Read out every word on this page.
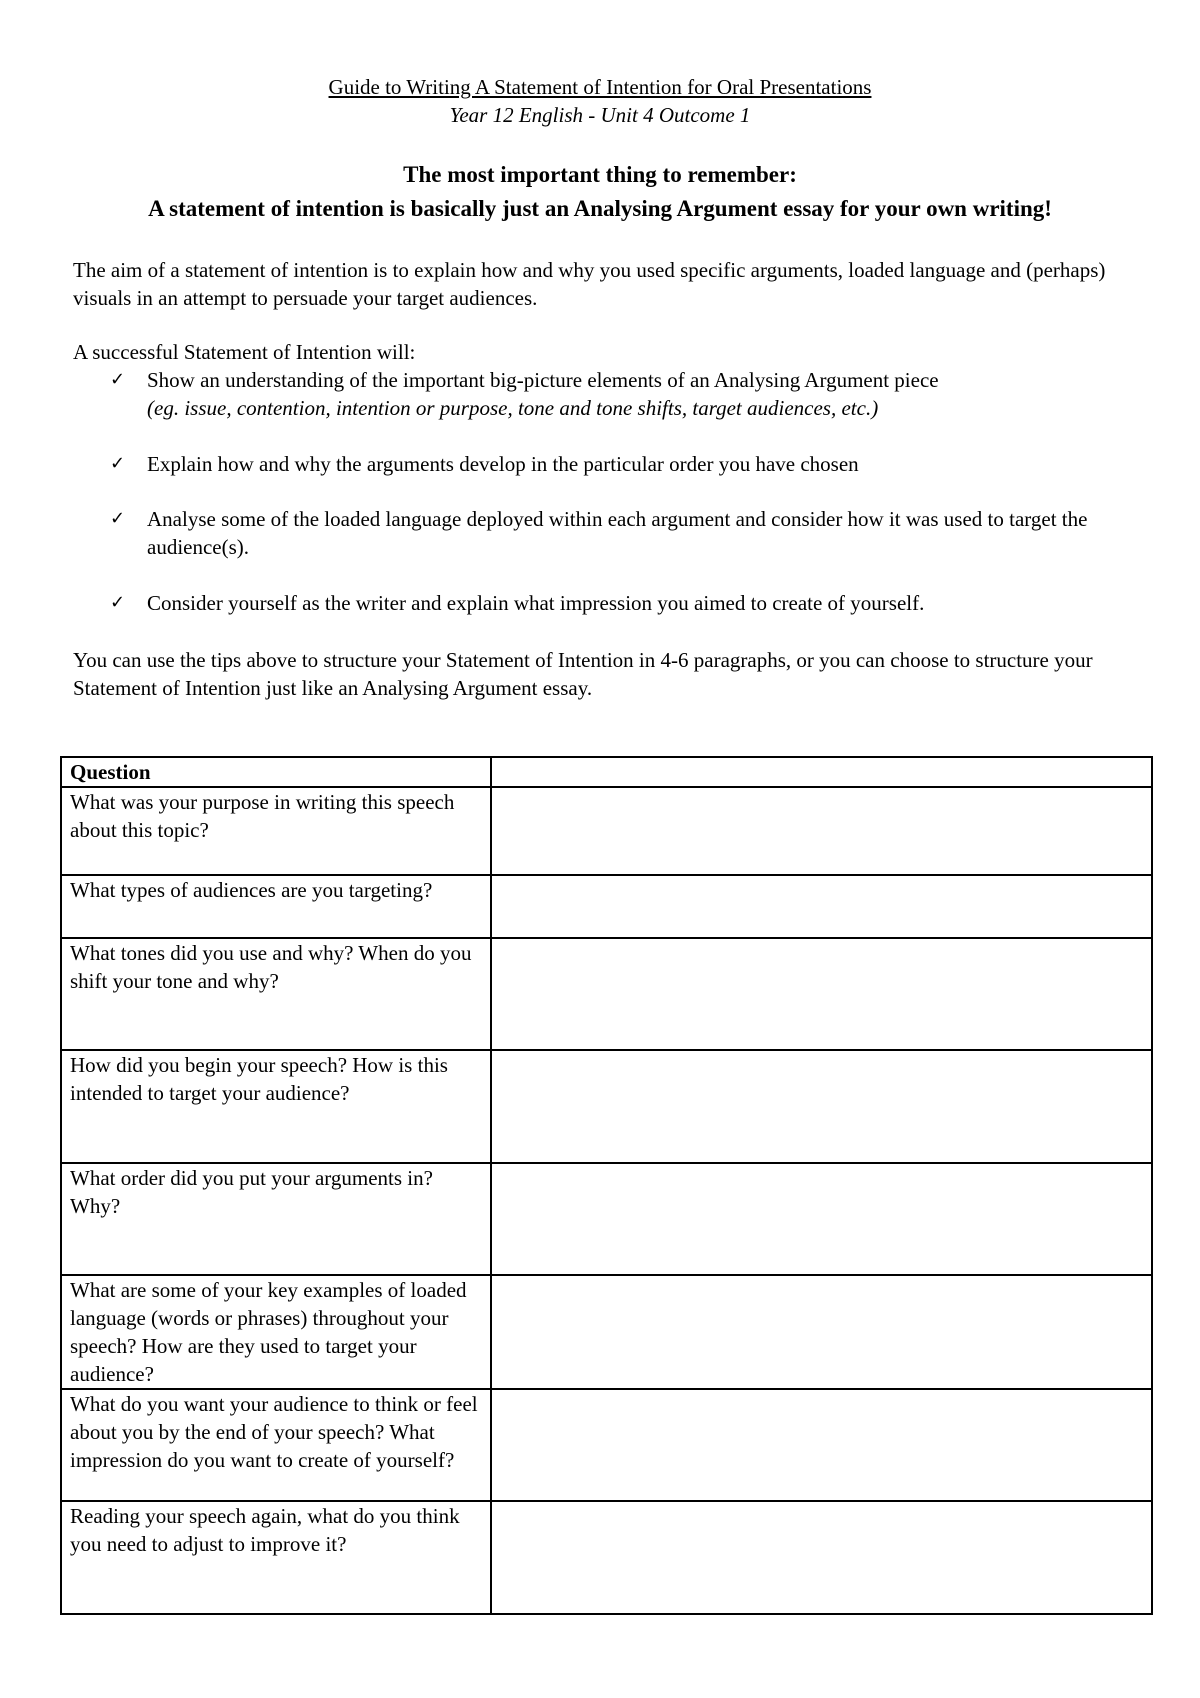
Guide to Writing A Statement of Intention for Oral Presentations
Year 12 English - Unit 4 Outcome 1
The most important thing to remember:
A statement of intention is basically just an Analysing Argument essay for your own writing!
The aim of a statement of intention is to explain how and why you used specific arguments, loaded language and (perhaps) visuals in an attempt to persuade your target audiences.
A successful Statement of Intention will:
✓	Show an understanding of the important big-picture elements of an Analysing Argument piece
(eg. issue, contention, intention or purpose, tone and tone shifts, target audiences, etc.)
✓	Explain how and why the arguments develop in the particular order you have chosen
✓	Analyse some of the loaded language deployed within each argument and consider how it was used to target the audience(s).
✓	Consider yourself as the writer and explain what impression you aimed to create of yourself.
You can use the tips above to structure your Statement of Intention in 4-6 paragraphs, or you can choose to structure your Statement of Intention just like an Analysing Argument essay.
Question	
What was your purpose in writing this speech about this topic?	
What types of audiences are you targeting?	
What tones did you use and why? When do you shift your tone and why?	
How did you begin your speech? How is this intended to target your audience?	
What order did you put your arguments in? Why?	
What are some of your key examples of loaded language (words or phrases) throughout your speech? How are they used to target your audience?	
What do you want your audience to think or feel about you by the end of your speech? What impression do you want to create of yourself?	
Reading your speech again, what do you think you need to adjust to improve it?	
